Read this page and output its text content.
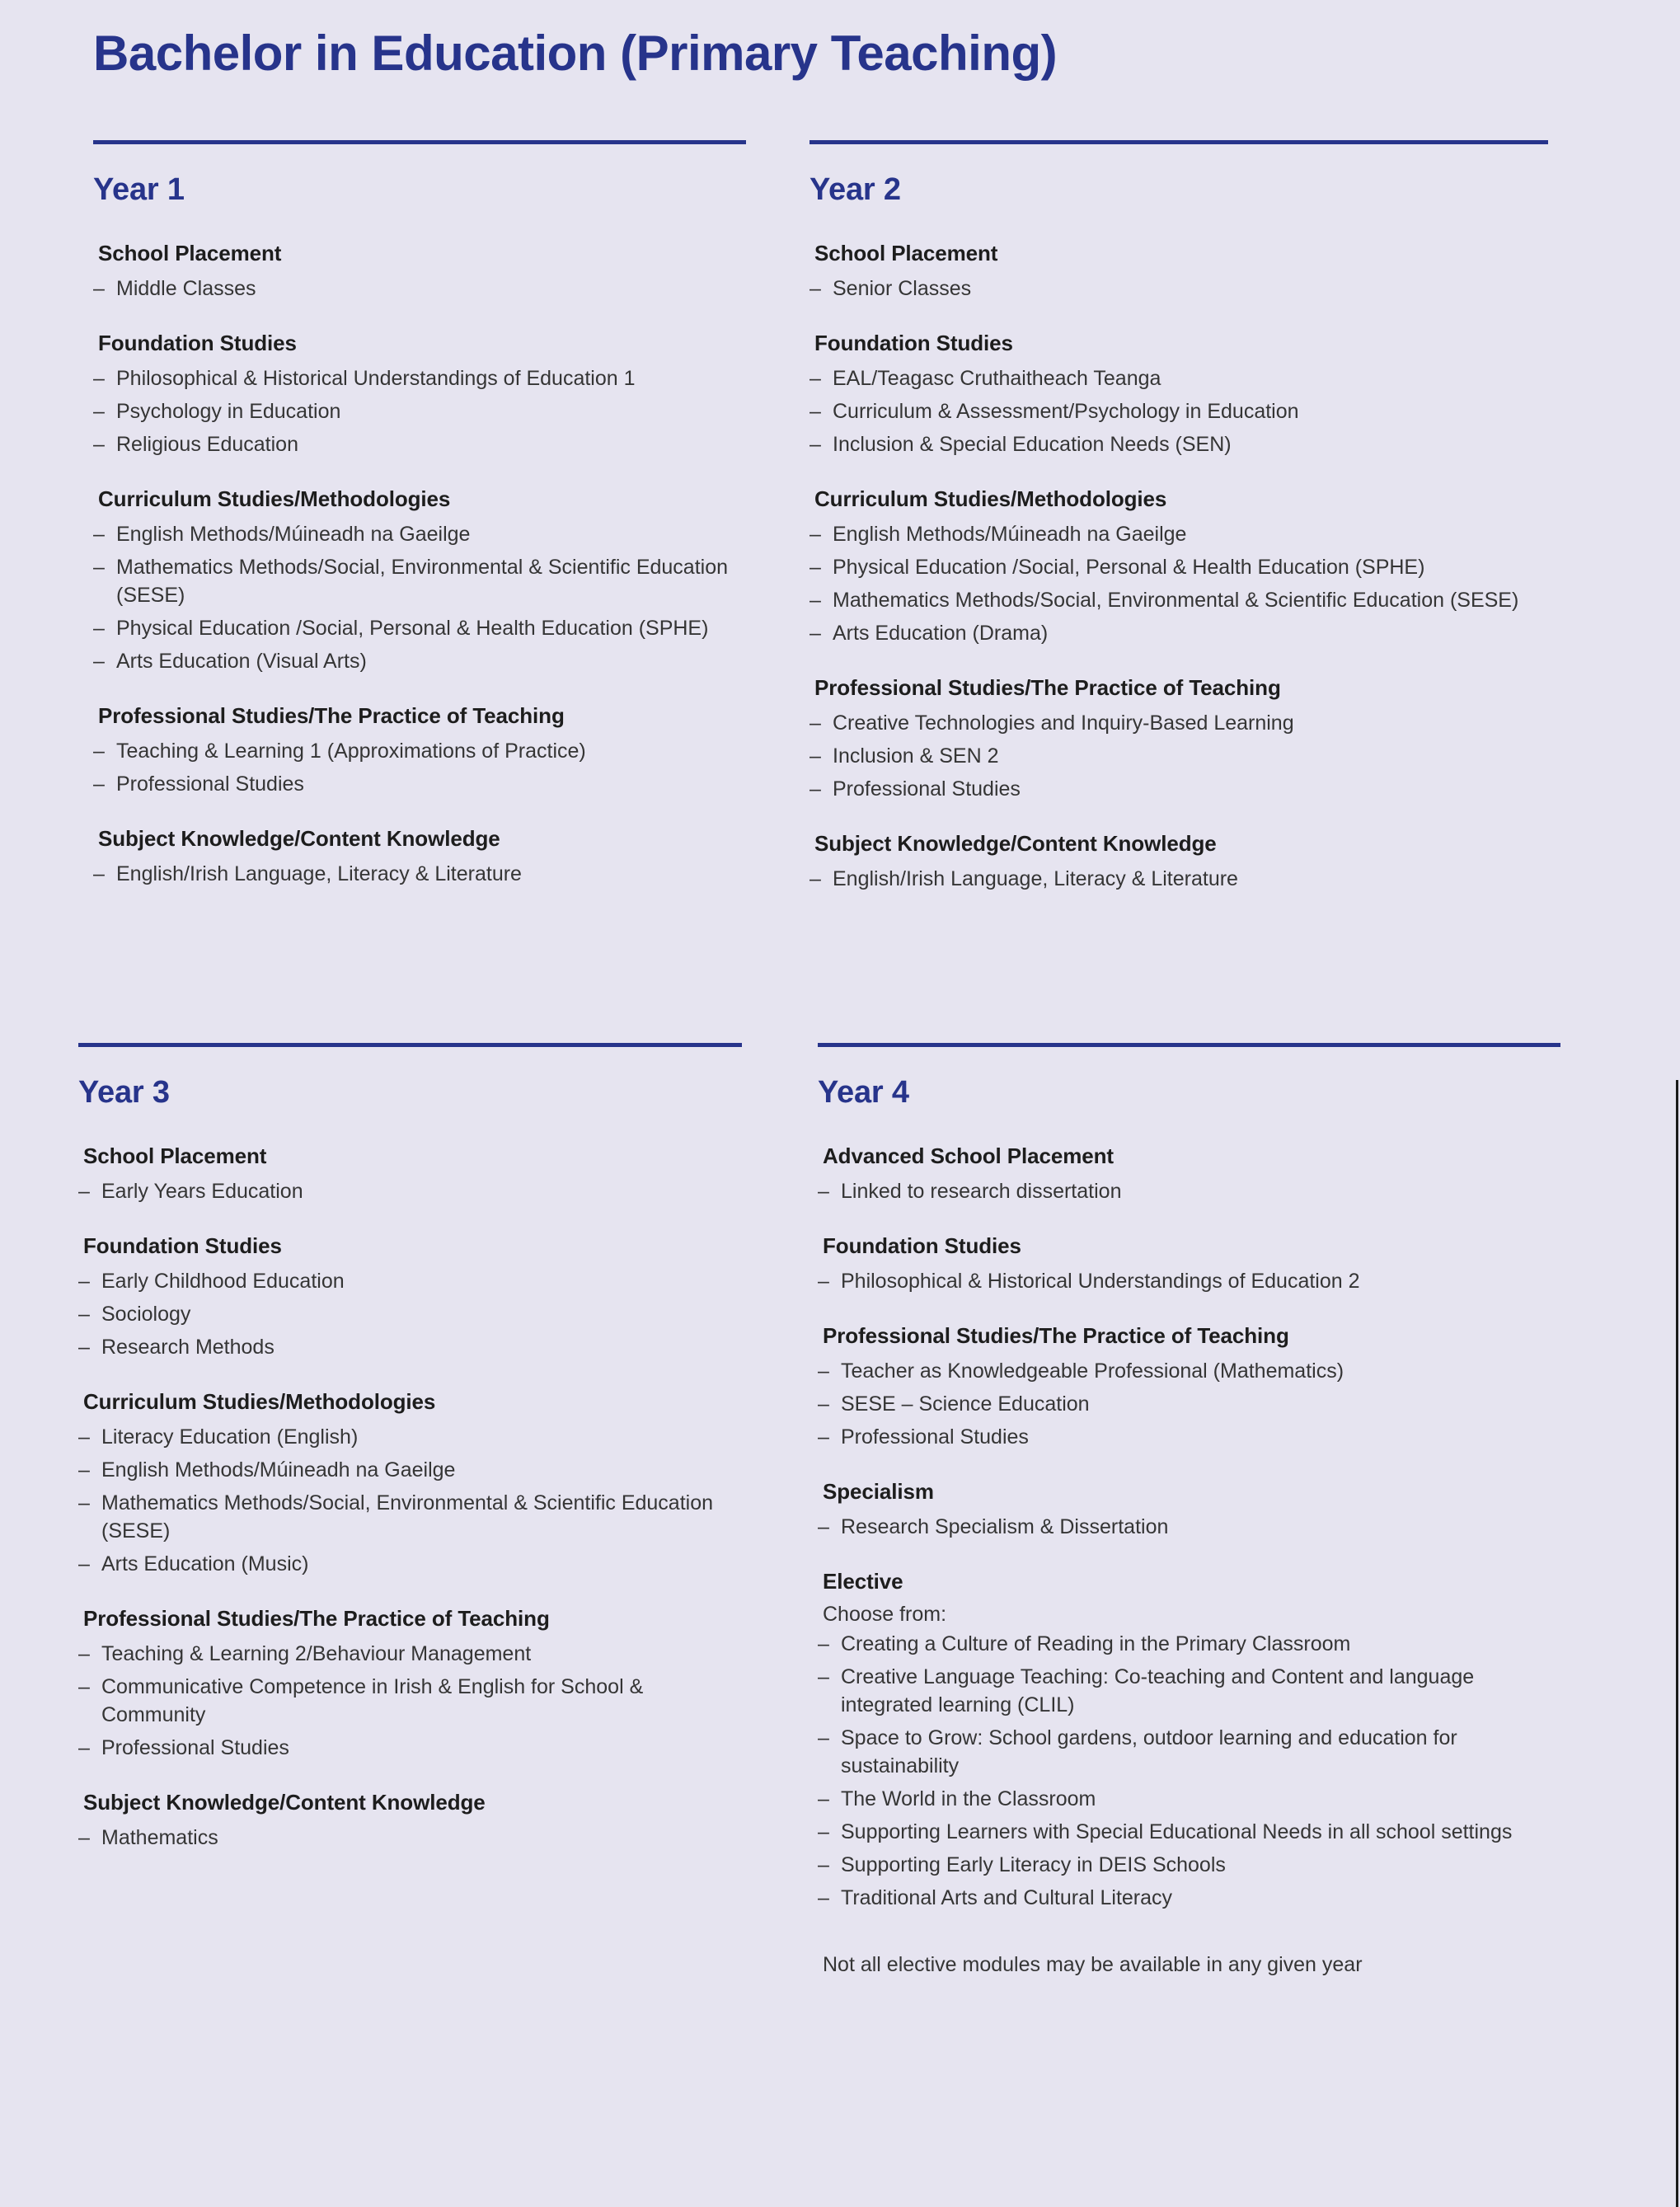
Bachelor in Education (Primary Teaching)
Year 1
School Placement
– Middle Classes
Foundation Studies
– Philosophical & Historical Understandings of Education 1
– Psychology in Education
– Religious Education
Curriculum Studies/Methodologies
– English Methods/Múineadh na Gaeilge
– Mathematics Methods/Social, Environmental & Scientific Education (SESE)
– Physical Education /Social, Personal & Health Education (SPHE)
– Arts Education (Visual Arts)
Professional Studies/The Practice of Teaching
– Teaching & Learning 1 (Approximations of Practice)
– Professional Studies
Subject Knowledge/Content Knowledge
– English/Irish Language, Literacy & Literature
Year 2
School Placement
– Senior Classes
Foundation Studies
– EAL/Teagasc Cruthaitheach Teanga
– Curriculum & Assessment/Psychology in Education
– Inclusion & Special Education Needs (SEN)
Curriculum Studies/Methodologies
– English Methods/Múineadh na Gaeilge
– Physical Education /Social, Personal & Health Education (SPHE)
– Mathematics Methods/Social, Environmental & Scientific Education (SESE)
– Arts Education (Drama)
Professional Studies/The Practice of Teaching
– Creative Technologies and Inquiry-Based Learning
– Inclusion & SEN 2
– Professional Studies
Subject Knowledge/Content Knowledge
– English/Irish Language, Literacy & Literature
Year 3
School Placement
– Early Years Education
Foundation Studies
– Early Childhood Education
– Sociology
– Research Methods
Curriculum Studies/Methodologies
– Literacy Education (English)
– English Methods/Múineadh na Gaeilge
– Mathematics Methods/Social, Environmental & Scientific Education (SESE)
– Arts Education (Music)
Professional Studies/The Practice of Teaching
– Teaching & Learning 2/Behaviour Management
– Communicative Competence in Irish & English for School & Community
– Professional Studies
Subject Knowledge/Content Knowledge
– Mathematics
Year 4
Advanced School Placement
– Linked to research dissertation
Foundation Studies
– Philosophical & Historical Understandings of Education 2
Professional Studies/The Practice of Teaching
– Teacher as Knowledgeable Professional (Mathematics)
– SESE – Science Education
– Professional Studies
Specialism
– Research Specialism & Dissertation
Elective
Choose from:
– Creating a Culture of Reading in the Primary Classroom
– Creative Language Teaching: Co-teaching and Content and language integrated learning (CLIL)
– Space to Grow: School gardens, outdoor learning and education for sustainability
– The World in the Classroom
– Supporting Learners with Special Educational Needs in all school settings
– Supporting Early Literacy in DEIS Schools
– Traditional Arts and Cultural Literacy
Not all elective modules may be available in any given year
